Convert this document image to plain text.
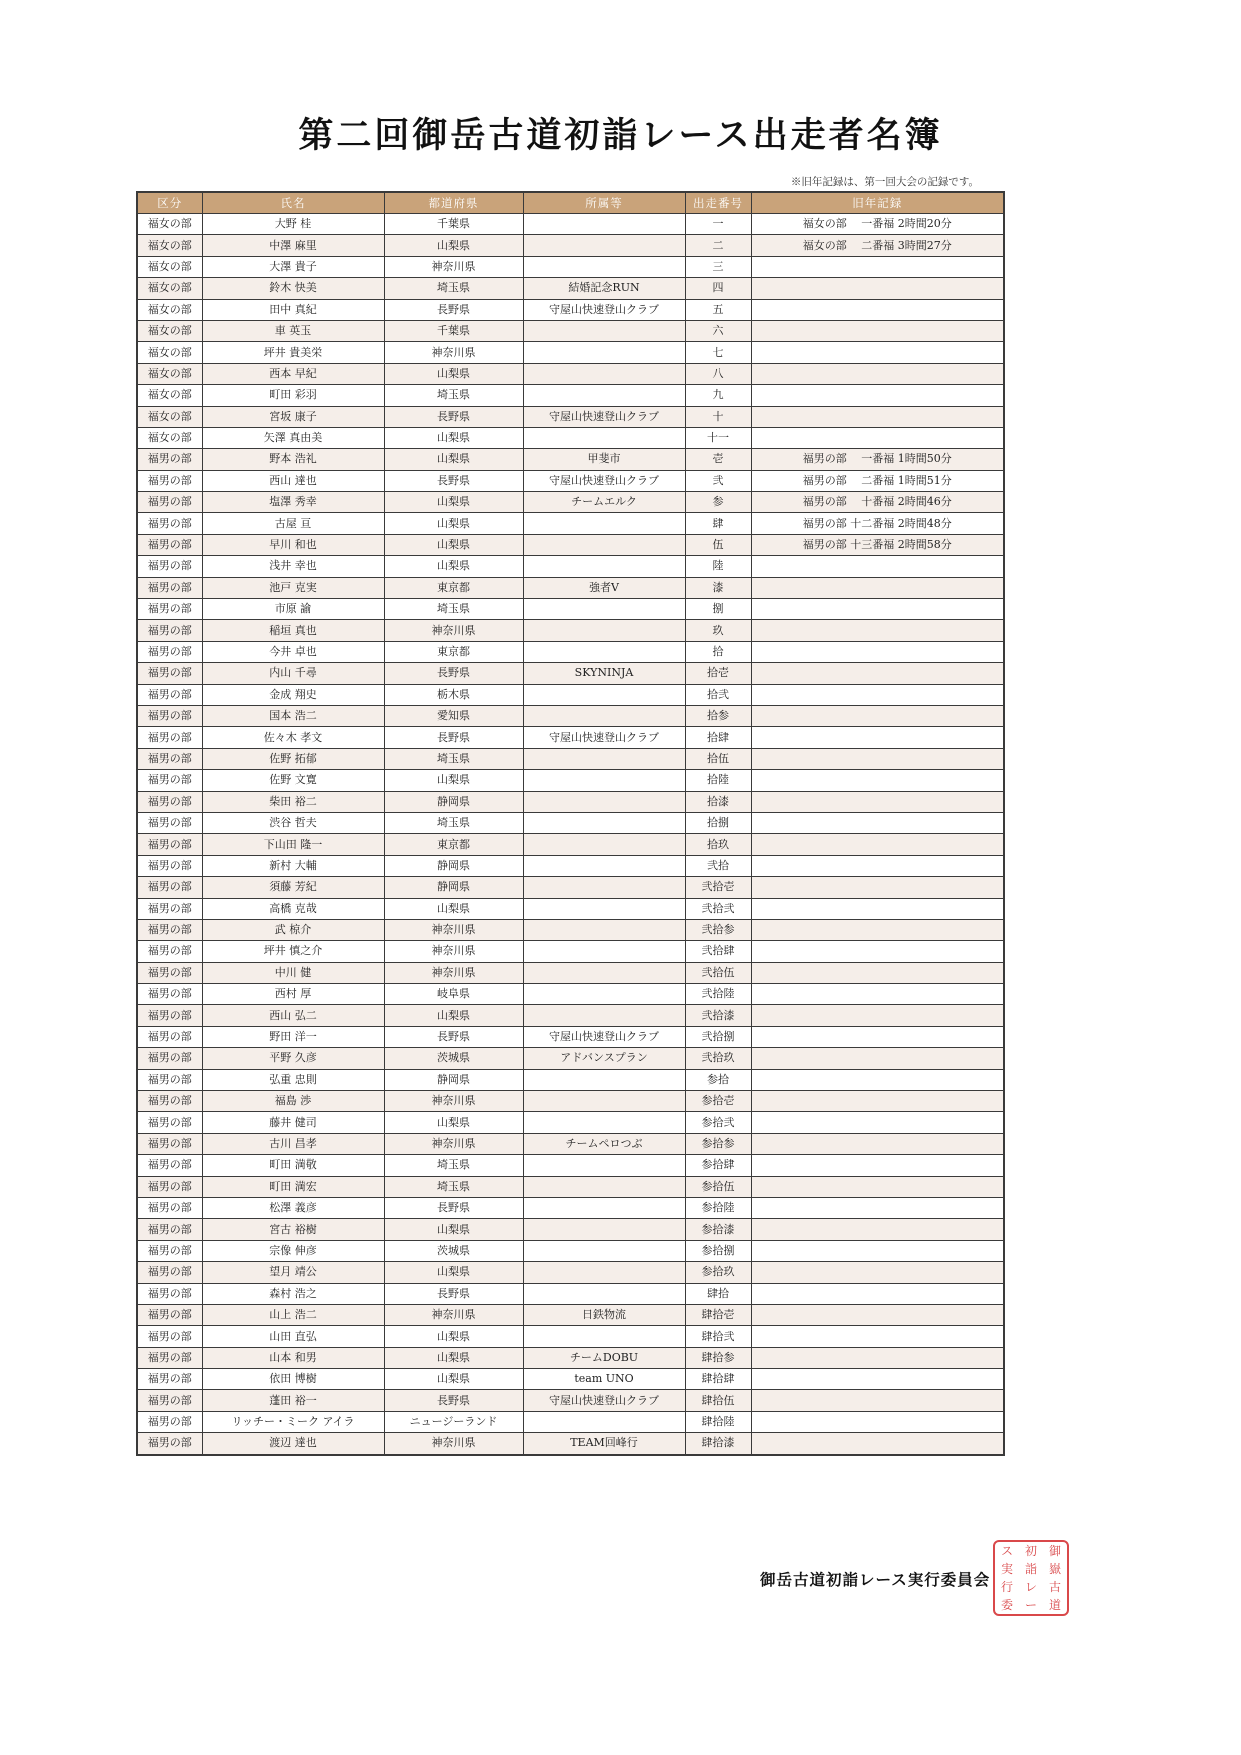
第二回御岳古道初詣レース出走者名簿
※旧年記録は、第一回大会の記録です。
区分	氏名	都道府県	所属等	出走番号	旧年記録
福女の部	大野 桂	千葉県		一	福女の部　 一番福 2時間20分
福女の部	中澤 麻里	山梨県		二	福女の部　 二番福 3時間27分
福女の部	大澤 貴子	神奈川県		三	
福女の部	鈴木 快美	埼玉県	結婚記念RUN	四	
福女の部	田中 真紀	長野県	守屋山快速登山クラブ	五	
福女の部	車 英玉	千葉県		六	
福女の部	坪井 貴美栄	神奈川県		七	
福女の部	西本 早紀	山梨県		八	
福女の部	町田 彩羽	埼玉県		九	
福女の部	宮坂 康子	長野県	守屋山快速登山クラブ	十	
福女の部	矢澤 真由美	山梨県		十一	
福男の部	野本 浩礼	山梨県	甲斐市	壱	福男の部　 一番福 1時間50分
福男の部	西山 達也	長野県	守屋山快速登山クラブ	弐	福男の部　 二番福 1時間51分
福男の部	塩澤 秀幸	山梨県	チームエルク	参	福男の部　 十番福 2時間46分
福男の部	古屋 亘	山梨県		肆	福男の部 十二番福 2時間48分
福男の部	早川 和也	山梨県		伍	福男の部 十三番福 2時間58分
福男の部	浅井 幸也	山梨県		陸	
福男の部	池戸 克実	東京都	強者V	漆	
福男の部	市原 諭	埼玉県		捌	
福男の部	稲垣 真也	神奈川県		玖	
福男の部	今井 卓也	東京都		拾	
福男の部	内山 千尋	長野県	SKYNINJA	拾壱	
福男の部	金成 翔史	栃木県		拾弐	
福男の部	国本 浩二	愛知県		拾参	
福男の部	佐々木 孝文	長野県	守屋山快速登山クラブ	拾肆	
福男の部	佐野 拓郁	埼玉県		拾伍	
福男の部	佐野 文寛	山梨県		拾陸	
福男の部	柴田 裕二	静岡県		拾漆	
福男の部	渋谷 哲夫	埼玉県		拾捌	
福男の部	下山田 隆一	東京都		拾玖	
福男の部	新村 大輔	静岡県		弐拾	
福男の部	須藤 芳紀	静岡県		弐拾壱	
福男の部	高橋 克哉	山梨県		弐拾弐	
福男の部	武 椋介	神奈川県		弐拾参	
福男の部	坪井 慎之介	神奈川県		弐拾肆	
福男の部	中川 健	神奈川県		弐拾伍	
福男の部	西村 厚	岐阜県		弐拾陸	
福男の部	西山 弘二	山梨県		弐拾漆	
福男の部	野田 洋一	長野県	守屋山快速登山クラブ	弐拾捌	
福男の部	平野 久彦	茨城県	アドバンスプラン	弐拾玖	
福男の部	弘重 忠則	静岡県		参拾	
福男の部	福島 渉	神奈川県		参拾壱	
福男の部	藤井 健司	山梨県		参拾弐	
福男の部	古川 昌孝	神奈川県	チームペロつぶ	参拾参	
福男の部	町田 満敬	埼玉県		参拾肆	
福男の部	町田 満宏	埼玉県		参拾伍	
福男の部	松澤 義彦	長野県		参拾陸	
福男の部	宮古 裕樹	山梨県		参拾漆	
福男の部	宗像 伸彦	茨城県		参拾捌	
福男の部	望月 靖公	山梨県		参拾玖	
福男の部	森村 浩之	長野県		肆拾	
福男の部	山上 浩二	神奈川県	日鉄物流	肆拾壱	
福男の部	山田 直弘	山梨県		肆拾弐	
福男の部	山本 和男	山梨県	チームDOBU	肆拾参	
福男の部	依田 博樹	山梨県	team UNO	肆拾肆	
福男の部	蓬田 裕一	長野県	守屋山快速登山クラブ	肆拾伍	
福男の部	リッチー・ミーク アイラ	ニュージーランド		肆拾陸	
福男の部	渡辺 達也	神奈川県	TEAM回峰行	肆拾漆	
御岳古道初詣レース実行委員会
御
嶽
古
道
初
詣
レ
ー
ス
実
行
委
